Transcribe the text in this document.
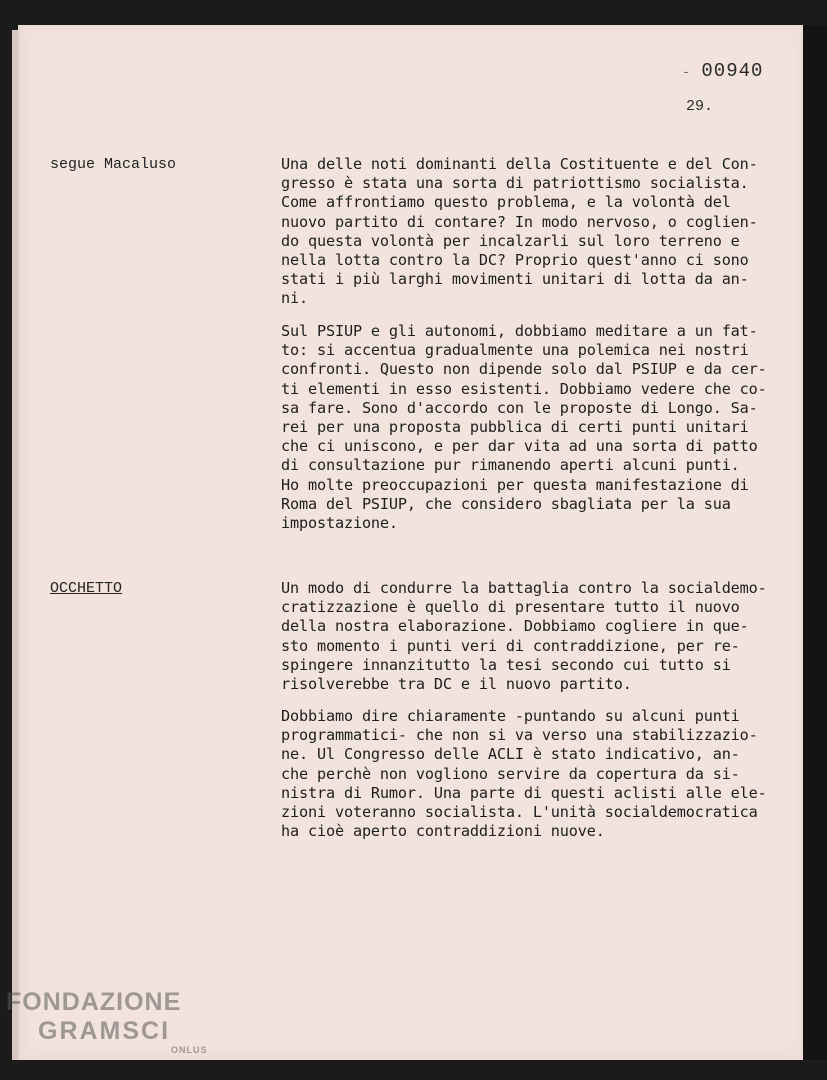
- 00940
29.
segue Macaluso	Una delle noti dominanti della Costituente e del Con-
gresso è stata una sorta di patriottismo socialista.
Come affrontiamo questo problema, e la volontà del
nuovo partito di contare? In modo nervoso, o coglien-
do questa volontà per incalzarli sul loro terreno e
nella lotta contro la DC? Proprio quest'anno ci sono
stati i più larghi movimenti unitari di lotta da an-
ni.
Sul PSIUP e gli autonomi, dobbiamo meditare a un fat-
to: si accentua gradualmente una polemica nei nostri
confronti. Questo non dipende solo dal PSIUP e da cer-
ti elementi in esso esistenti. Dobbiamo vedere che co-
sa fare. Sono d'accordo con le proposte di Longo. Sa-
rei per una proposta pubblica di certi punti unitari
che ci uniscono, e per dar vita ad una sorta di patto
di consultazione pur rimanendo aperti alcuni punti.
Ho molte preoccupazioni per questa manifestazione di
Roma del PSIUP, che considero sbagliata per la sua
impostazione.
OCCHETTO	Un modo di condurre la battaglia contro la socialdemo-
cratizzazione è quello di presentare tutto il nuovo
della nostra elaborazione. Dobbiamo cogliere in que-
sto momento i punti veri di contraddizione, per re-
spingere innanzitutto la tesi secondo cui tutto si
risolverebbe tra DC e il nuovo partito.
Dobbiamo dire chiaramente -puntando su alcuni punti
programmatici- che non si va verso una stabilizzazio-
ne. Ul Congresso delle ACLI è stato indicativo, an-
che perchè non vogliono servire da copertura da si-
nistra di Rumor. Una parte di questi aclisti alle ele-
zioni voteranno socialista. L'unità socialdemocratica
ha cioè aperto contraddizioni nuove.
FONDAZIONE
GRAMSCI
ONLUS
